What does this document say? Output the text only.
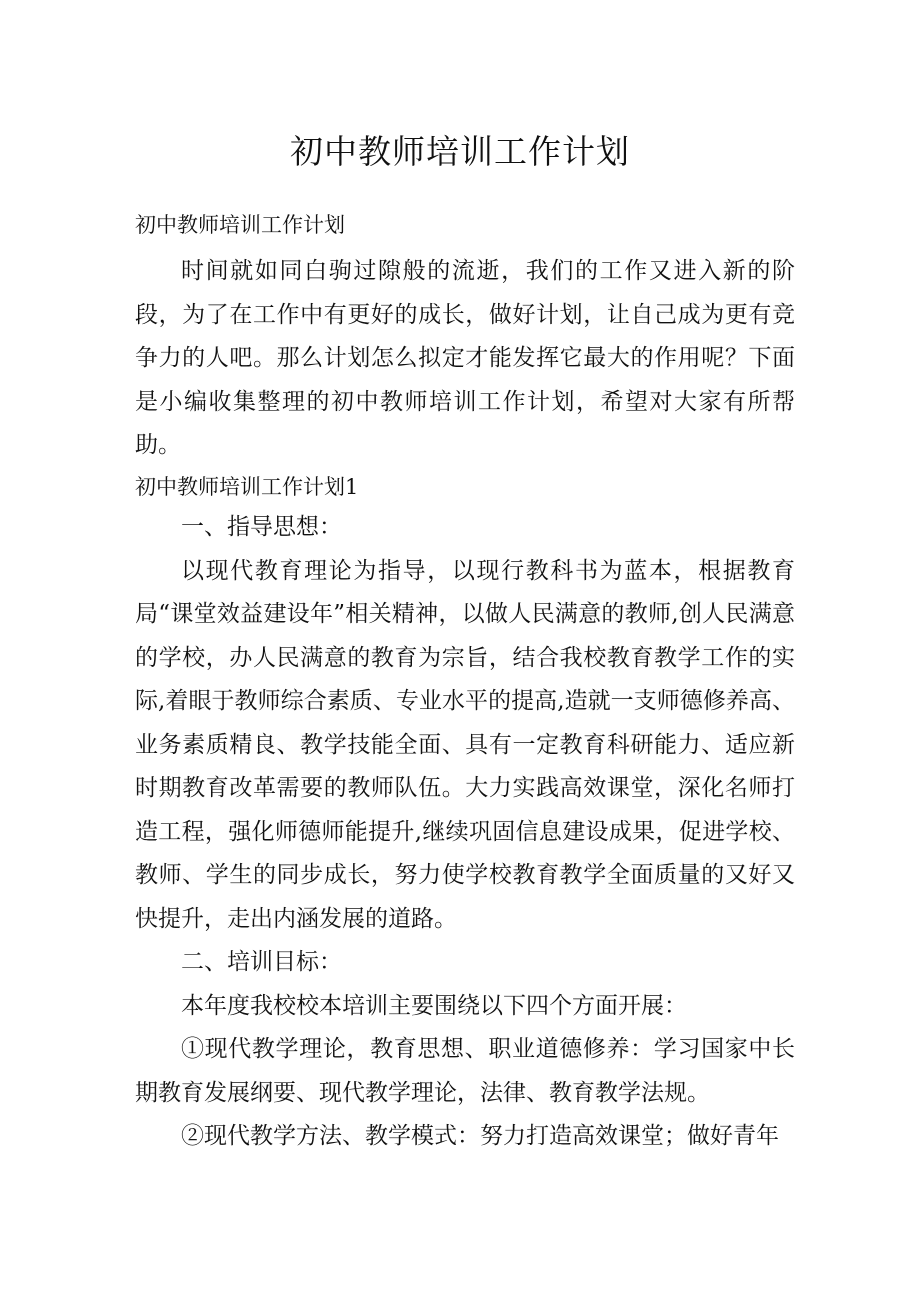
初中教师培训工作计划
初中教师培训工作计划

时间就如同白驹过隙般的流逝，我们的工作又进入新的阶段，为了在工作中有更好的成长，做好计划，让自己成为更有竞争力的人吧。那么计划怎么拟定才能发挥它最大的作用呢？下面是小编收集整理的初中教师培训工作计划，希望对大家有所帮助。

初中教师培训工作计划1

一、指导思想：

以现代教育理论为指导，以现行教科书为蓝本，根据教育局“课堂效益建设年”相关精神，以做人民满意的教师,创人民满意的学校，办人民满意的教育为宗旨，结合我校教育教学工作的实际,着眼于教师综合素质、专业水平的提高,造就一支师德修养高、业务素质精良、教学技能全面、具有一定教育科研能力、适应新时期教育改革需要的教师队伍。大力实践高效课堂，深化名师打造工程，强化师德师能提升,继续巩固信息建设成果，促进学校、教师、学生的同步成长，努力使学校教育教学全面质量的又好又快提升，走出内涵发展的道路。

二、培训目标：

本年度我校校本培训主要围绕以下四个方面开展：

①现代教学理论，教育思想、职业道德修养：学习国家中长期教育发展纲要、现代教学理论，法律、教育教学法规。

②现代教学方法、教学模式：努力打造高效课堂；做好青年
